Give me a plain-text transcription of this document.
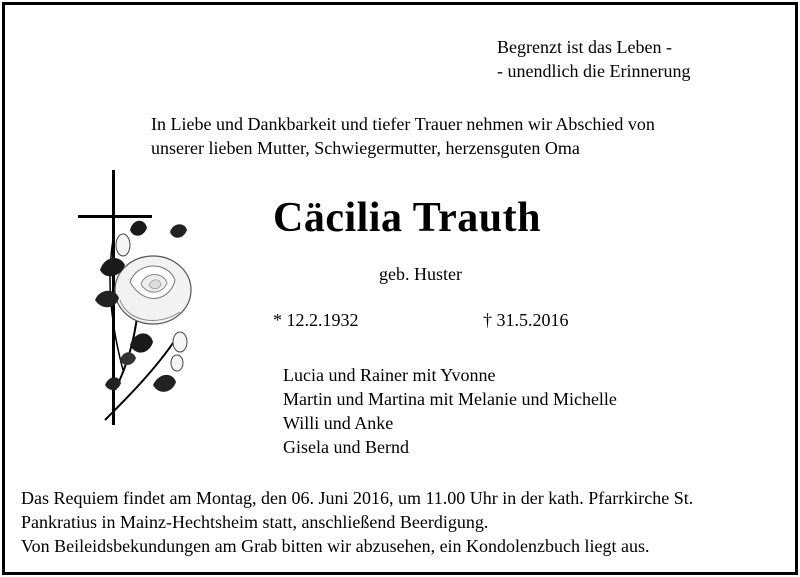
Begrenzt ist das Leben -
- unendlich die Erinnerung
In Liebe und Dankbarkeit und tiefer Trauer nehmen wir Abschied von
unserer lieben Mutter, Schwiegermutter, herzensguten Oma
Cäcilia Trauth
geb. Huster
* 12.2.1932	† 31.5.2016
Lucia und Rainer mit Yvonne
Martin und Martina mit Melanie und Michelle
Willi und Anke
Gisela und Bernd
Das Requiem findet am Montag, den 06. Juni 2016, um 11.00 Uhr in der kath. Pfarrkirche St.
Pankratius in Mainz-Hechtsheim statt, anschließend Beerdigung.
Von Beileidsbekundungen am Grab bitten wir abzusehen, ein Kondolenzbuch liegt aus.
